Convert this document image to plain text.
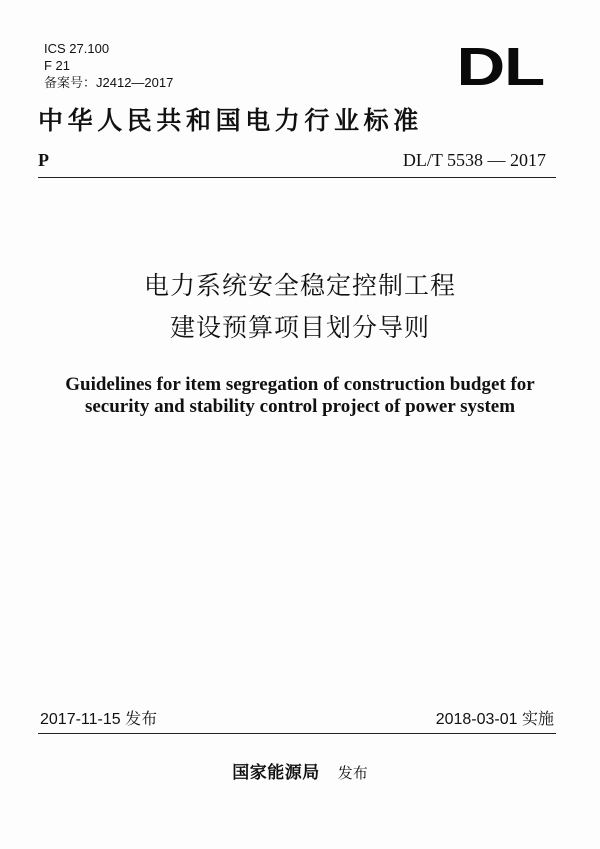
ICS 27.100
F 21
备案号：J2412—2017	DL
中华人民共和国电力行业标准
P	DL/T 5538 — 2017
电力系统安全稳定控制工程
建设预算项目划分导则
Guidelines for item segregation of construction budget for
security and stability control project of power system
2017-11-15 发布	2018-03-01 实施
国家能源局 发布
